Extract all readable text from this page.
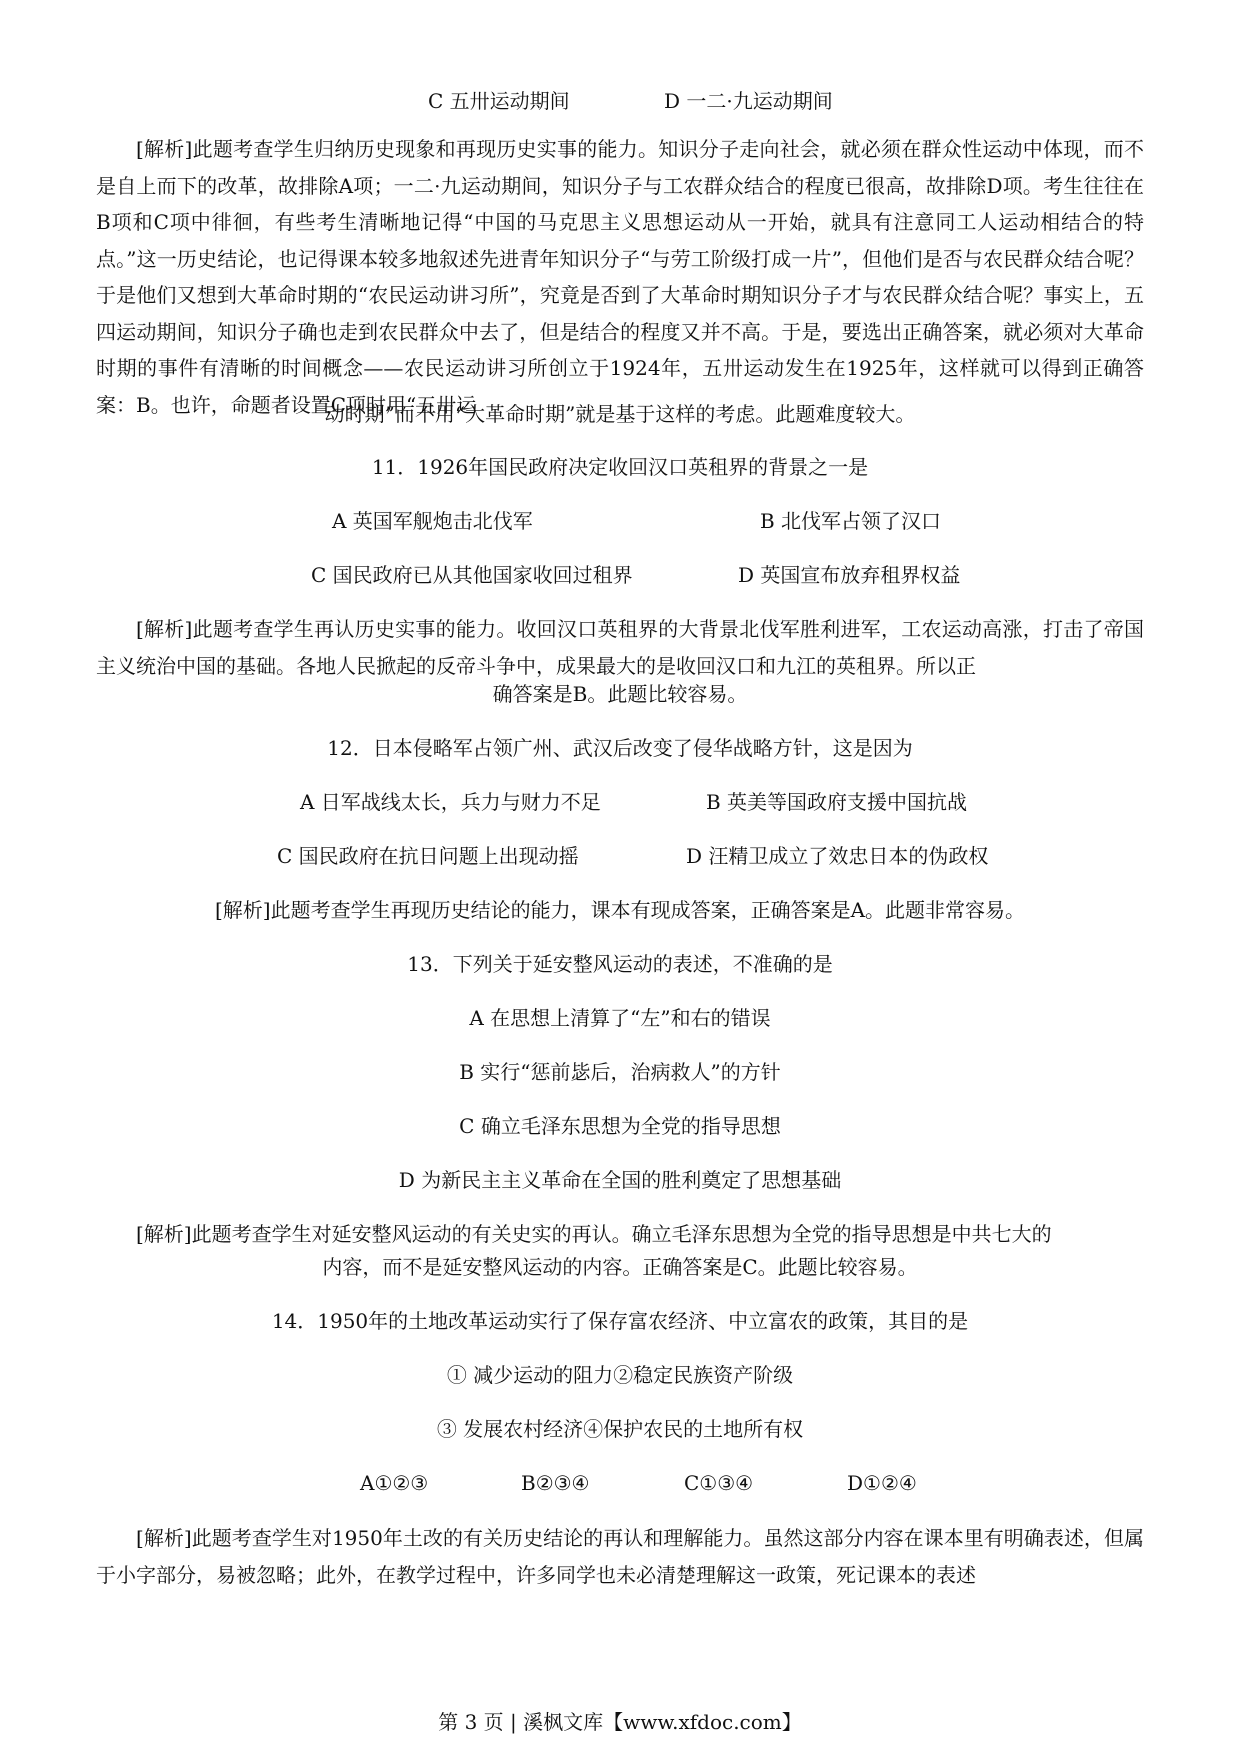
C 五卅运动期间	D 一二·九运动期间
[解析]此题考查学生归纳历史现象和再现历史实事的能力。知识分子走向社会，就必须在群众性运动中体现，而不是自上而下的改革，故排除A项；一二·九运动期间，知识分子与工农群众结合的程度已很高，故排除D项。考生往往在B项和C项中徘徊，有些考生清晰地记得“中国的马克思主义思想运动从一开始，就具有注意同工人运动相结合的特点。”这一历史结论，也记得课本较多地叙述先进青年知识分子“与劳工阶级打成一片”，但他们是否与农民群众结合呢？于是他们又想到大革命时期的“农民运动讲习所”，究竟是否到了大革命时期知识分子才与农民群众结合呢？事实上，五四运动期间，知识分子确也走到农民群众中去了，但是结合的程度又并不高。于是，要选出正确答案，就必须对大革命时期的事件有清晰的时间概念——农民运动讲习所创立于1924年，五卅运动发生在1925年，这样就可以得到正确答案：B。也许，命题者设置C项时用“五卅运
动时期”而不用“大革命时期”就是基于这样的考虑。此题难度较大。
11．1926年国民政府决定收回汉口英租界的背景之一是
A 英国军舰炮击北伐军	B 北伐军占领了汉口
C 国民政府已从其他国家收回过租界	D 英国宣布放弃租界权益
[解析]此题考查学生再认历史实事的能力。收回汉口英租界的大背景北伐军胜利进军，工农运动高涨，打击了帝国主义统治中国的基础。各地人民掀起的反帝斗争中，成果最大的是收回汉口和九江的英租界。所以正
确答案是B。此题比较容易。
12．日本侵略军占领广州、武汉后改变了侵华战略方针，这是因为
A 日军战线太长，兵力与财力不足	B 英美等国政府支援中国抗战
C 国民政府在抗日问题上出现动摇	D 汪精卫成立了效忠日本的伪政权
[解析]此题考查学生再现历史结论的能力，课本有现成答案，正确答案是A。此题非常容易。
13．下列关于延安整风运动的表述，不准确的是
A 在思想上清算了“左”和右的错误
B 实行“惩前毖后，治病救人”的方针
C 确立毛泽东思想为全党的指导思想
D 为新民主主义革命在全国的胜利奠定了思想基础
[解析]此题考查学生对延安整风运动的有关史实的再认。确立毛泽东思想为全党的指导思想是中共七大的
内容，而不是延安整风运动的内容。正确答案是C。此题比较容易。
14．1950年的土地改革运动实行了保存富农经济、中立富农的政策，其目的是
① 减少运动的阻力②稳定民族资产阶级
③ 发展农村经济④保护农民的土地所有权
A①②③	B②③④	C①③④	D①②④
[解析]此题考查学生对1950年土改的有关历史结论的再认和理解能力。虽然这部分内容在课本里有明确表述，但属于小字部分，易被忽略；此外，在教学过程中，许多同学也未必清楚理解这一政策，死记课本的表述
第 3 页 | 溪枫文库【www.xfdoc.com】
